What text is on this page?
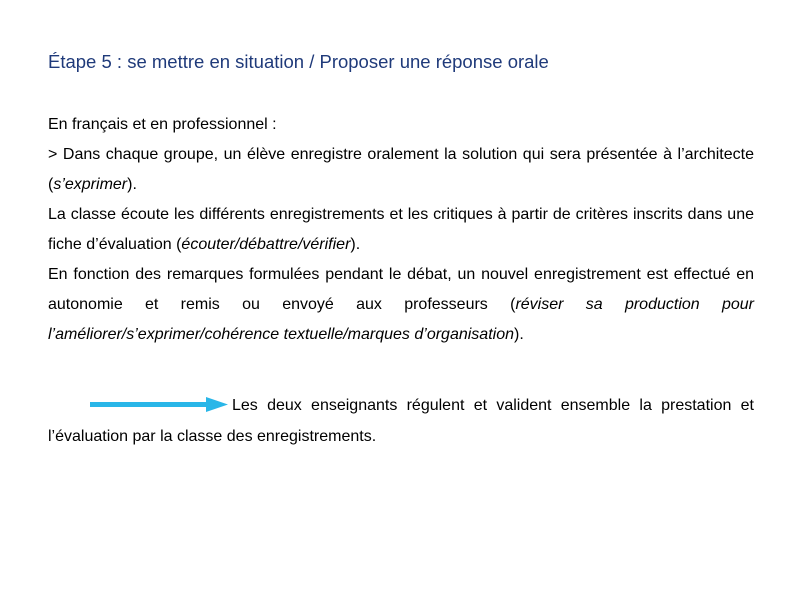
Étape 5 : se mettre en situation / Proposer une réponse orale

En français et en professionnel :

> Dans chaque groupe, un élève enregistre oralement la solution qui sera présentée à l’architecte (s’exprimer).

La classe écoute les différents enregistrements et les critiques à partir de critères inscrits dans une fiche d’évaluation (écouter/débattre/vérifier).

En fonction des remarques formulées pendant le débat, un nouvel enregistrement est effectué en autonomie et remis ou envoyé aux professeurs (réviser sa production pour l’améliorer/s’exprimer/cohérence textuelle/marques d’organisation).

Les deux enseignants régulent et valident ensemble la prestation et l’évaluation par la classe des enregistrements.
